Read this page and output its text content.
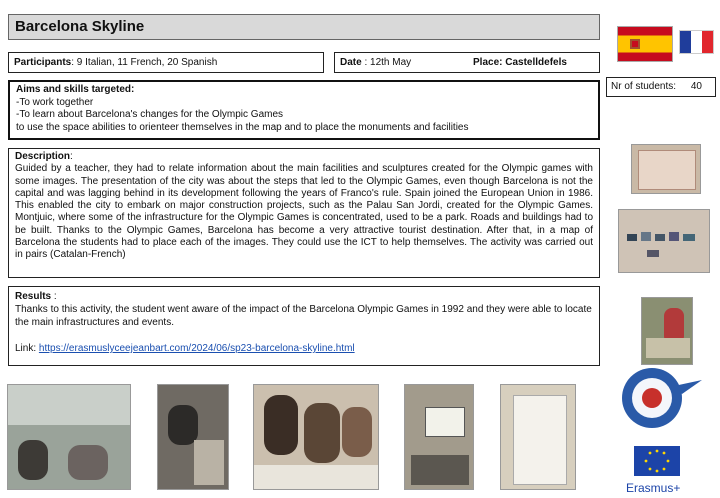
Barcelona Skyline
Participants: 9 Italian, 11 French, 20 Spanish	Date : 12th May	Place: Castelldefels
Nr of students: 40
Aims and skills targeted:
-To work together
-To learn about Barcelona's changes for the Olympic Games
to use the space abilities to orienteer themselves in the map and to place the monuments and facilities
Description:
Guided by a teacher, they had to relate information about the main facilities and sculptures created for the Olympic games with some images. The presentation of the city was about the steps that led to the Olympic Games, even though Barcelona is not the capital and was lagging behind in its development following the years of Franco's rule. Spain joined the European Union in 1986. This enabled the city to embark on major construction projects, such as the Palau San Jordi, created for the Olympic Games. Montjuic, where some of the infrastructure for the Olympic Games is concentrated, used to be a park. Roads and buildings had to be built. Thanks to the Olympic Games, Barcelona has become a very attractive tourist destination. After that, in a map of Barcelona the students had to place each of the images. They could use the ICT to help themselves. The activity was carried out in pairs (Catalan-French)
Results :
Thanks to this activity, the student went aware of the impact of the Barcelona Olympic Games in 1992 and they were able to locate the main infrastructures and events.

Link: https://erasmuslyceejeanbart.com/2024/06/sp23-barcelona-skyline.html
Erasmus+
